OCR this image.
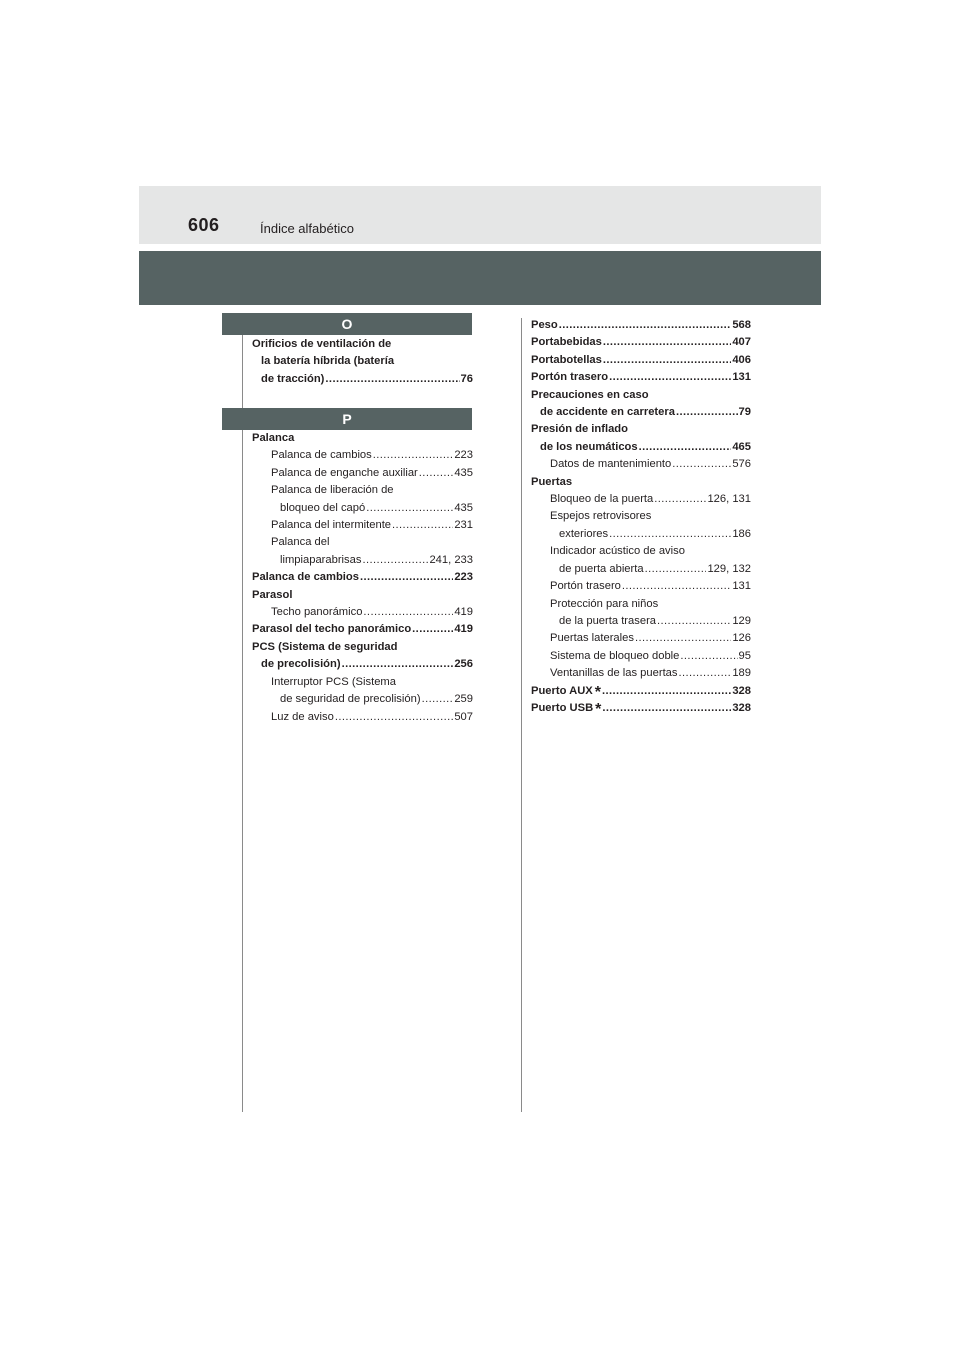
606	Índice alfabético
O
Orificios de ventilación de
la batería híbrida (batería
de tracción) .....	76
P
Palanca
Palanca de cambios .....	223
Palanca de enganche auxiliar .....	435
Palanca de liberación de
bloqueo del capó .....	435
Palanca del intermitente .....	231
Palanca del
limpiaparabrisas .....	241, 233
Palanca de cambios .....	223
Parasol
Techo panorámico .....	419
Parasol del techo panorámico .....	419
PCS (Sistema de seguridad
de precolisión) .....	256
Interruptor PCS (Sistema
de seguridad de precolisión) .....	259
Luz de aviso .....	507
Peso .....	568
Portabebidas .....	407
Portabotellas .....	406
Portón trasero .....	131
Precauciones en caso
de accidente en carretera .....	79
Presión de inflado
de los neumáticos .....	465
Datos de mantenimiento .....	576
Puertas
Bloqueo de la puerta .....	126, 131
Espejos retrovisores
exteriores .....	186
Indicador acústico de aviso
de puerta abierta .....	129, 132
Portón trasero .....	131
Protección para niños
de la puerta trasera .....	129
Puertas laterales .....	126
Sistema de bloqueo doble .....	95
Ventanillas de las puertas .....	189
Puerto AUX * .....	328
Puerto USB * .....	328
